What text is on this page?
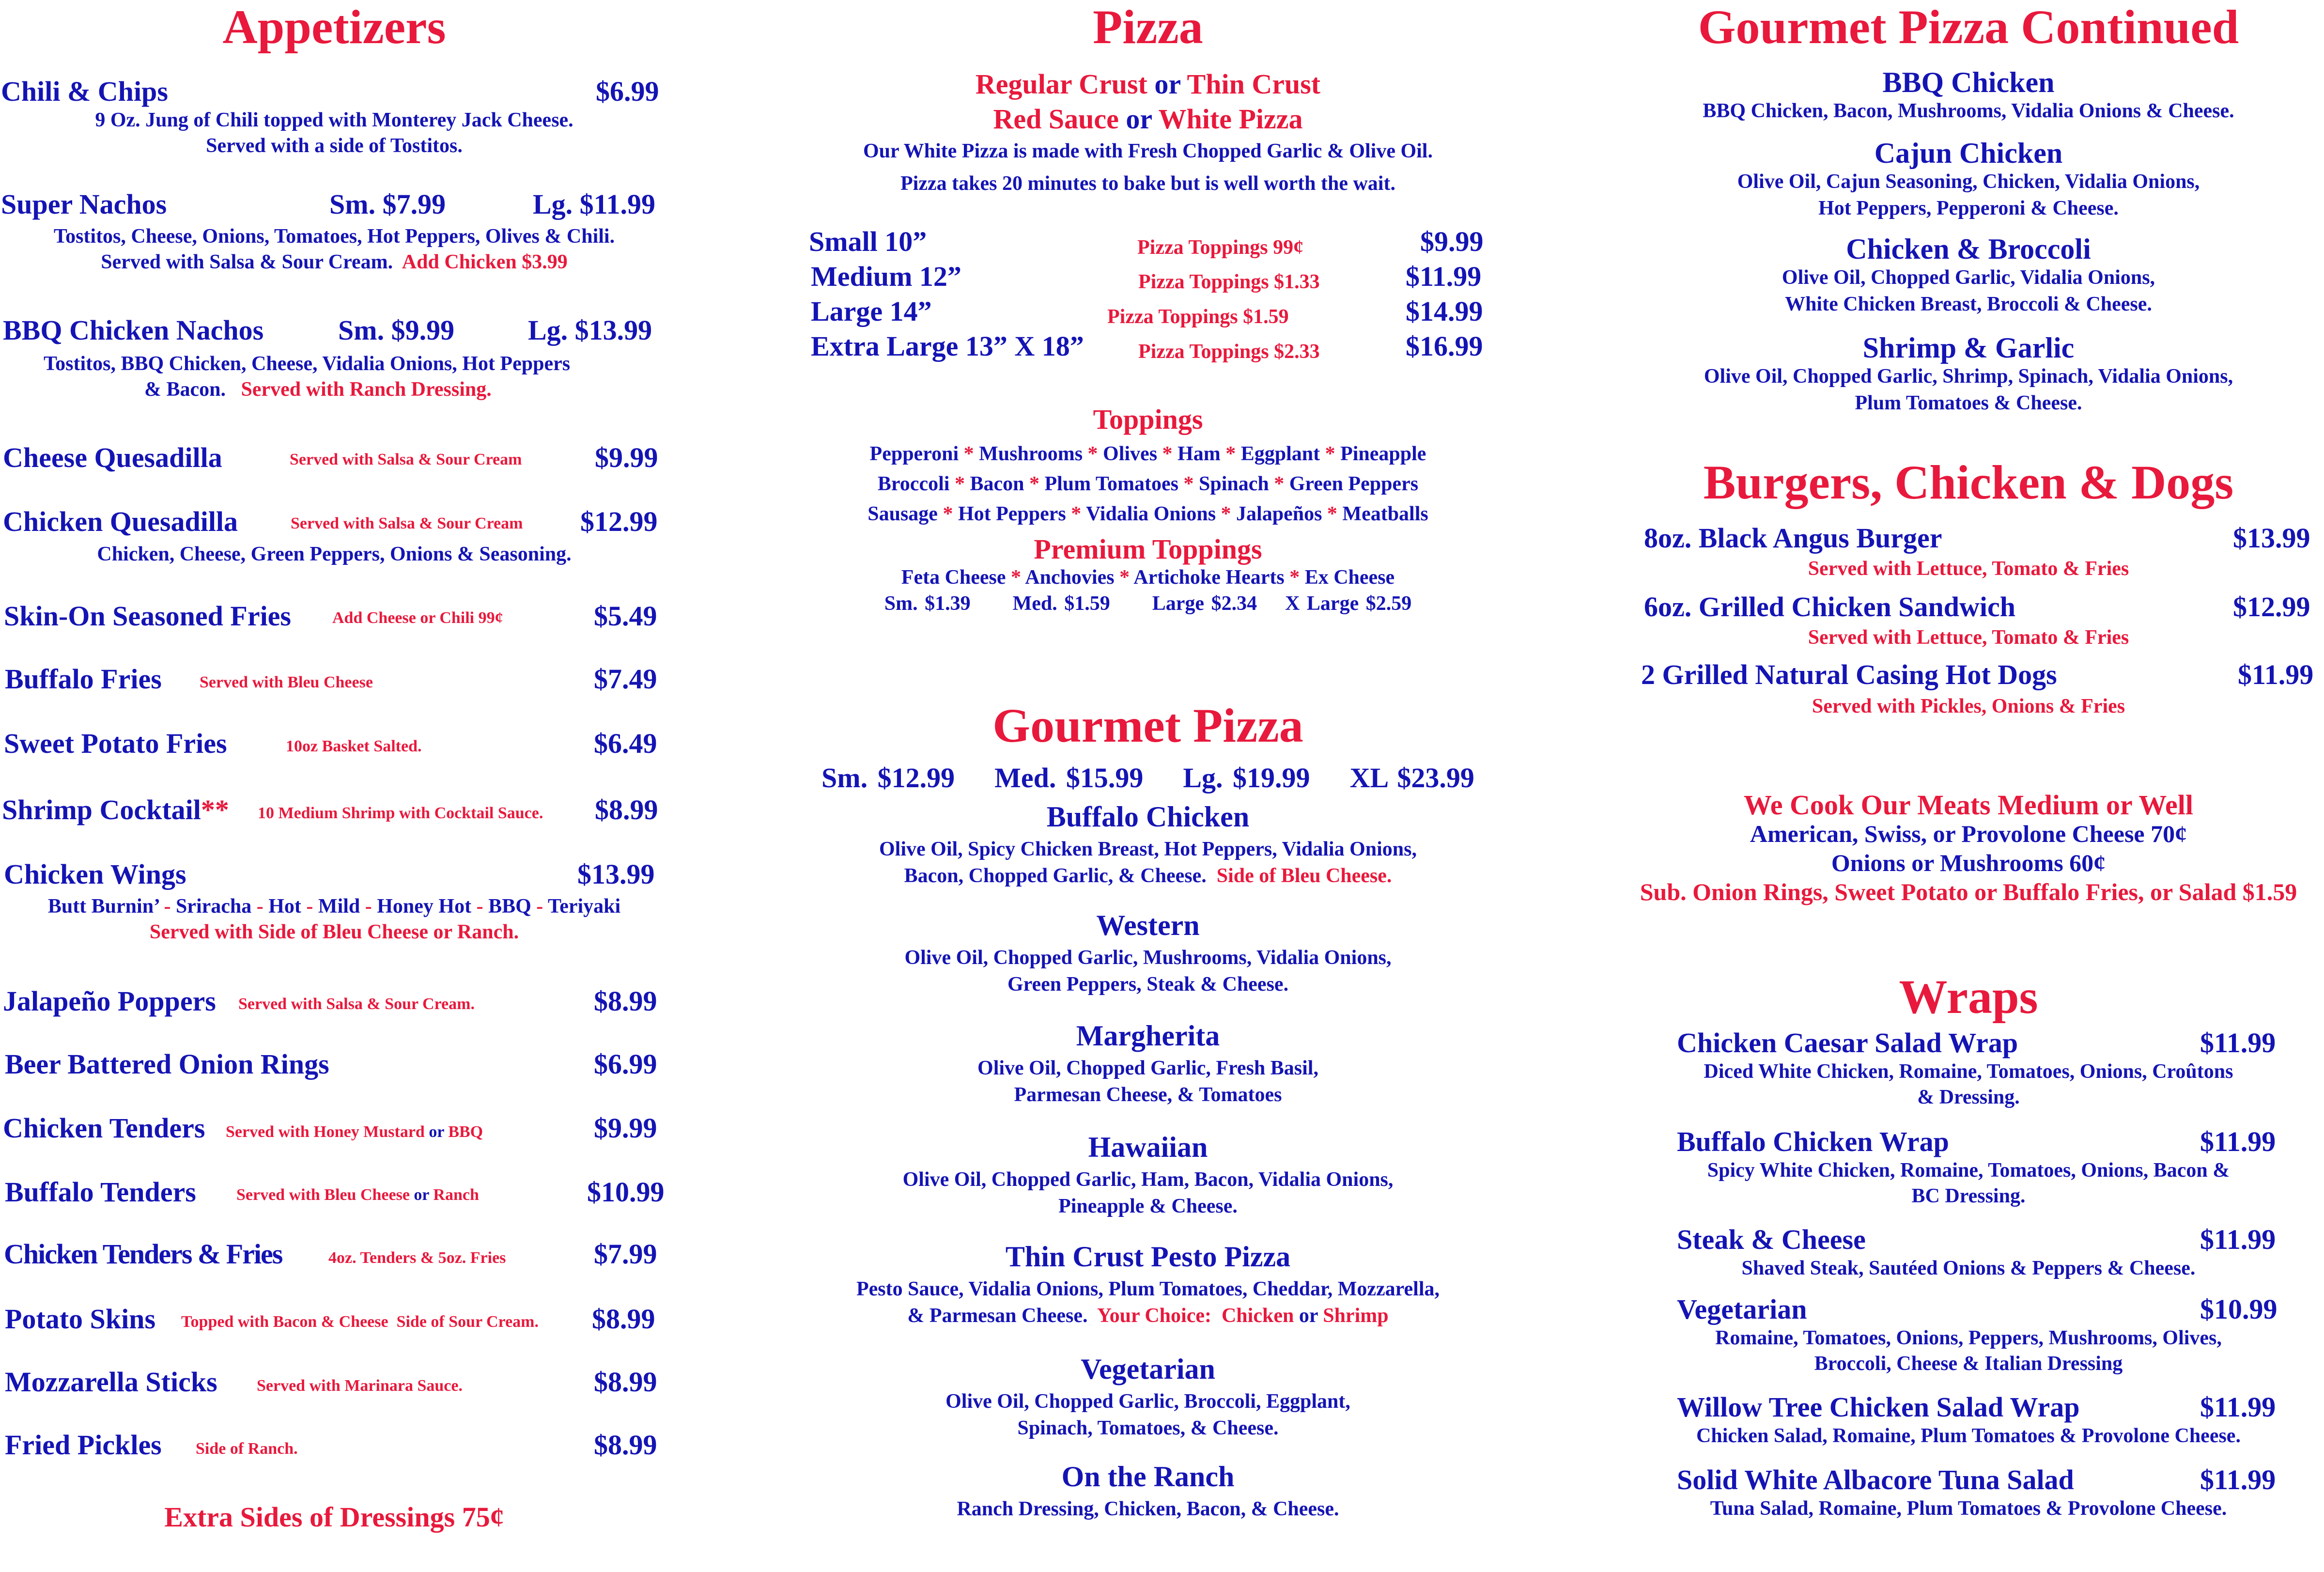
Appetizers
Chili & Chips	$6.99
9 Oz. Jung of Chili topped with Monterey Jack Cheese.
Served with a side of Tostitos.
Super Nachos	Sm. $7.99	Lg. $11.99
Tostitos, Cheese, Onions, Tomatoes, Hot Peppers, Olives & Chili.
Served with Salsa & Sour Cream. Add Chicken $3.99
BBQ Chicken Nachos	Sm. $9.99	Lg. $13.99
Tostitos, BBQ Chicken, Cheese, Vidalia Onions, Hot Peppers
& Bacon. Served with Ranch Dressing.
Cheese Quesadilla	Served with Salsa & Sour Cream	$9.99
Chicken Quesadilla	Served with Salsa & Sour Cream $12.99
Chicken, Cheese, Green Peppers, Onions & Seasoning.
Skin-On Seasoned Fries	Add Cheese or Chili 99¢	$5.49
Buffalo Fries Served with Bleu Cheese	$7.49
Sweet Potato Fries	10oz Basket Salted.	$6.49
Shrimp Cocktail** 10 Medium Shrimp with Cocktail Sauce. $8.99
Chicken Wings	$13.99
Butt Burnin’ - Sriracha - Hot - Mild - Honey Hot - BBQ - Teriyaki
Served with Side of Bleu Cheese or Ranch.
Jalapeño Poppers Served with Salsa & Sour Cream.	$8.99
Beer Battered Onion Rings	$6.99
Chicken Tenders Served with Honey Mustard or BBQ	$9.99
Buffalo Tenders Served with Bleu Cheese or Ranch	$10.99
Chicken Tenders & Fries	4oz. Tenders & 5oz. Fries	$7.99
Potato Skins Topped with Bacon & Cheese Side of Sour Cream. $8.99
Mozzarella Sticks Served with Marinara Sauce.	$8.99
Fried Pickles Side of Ranch.	$8.99
Extra Sides of Dressings 75¢
Pizza
Regular Crust or Thin Crust
Red Sauce or White Pizza
Our White Pizza is made with Fresh Chopped Garlic & Olive Oil.
Pizza takes 20 minutes to bake but is well worth the wait.
Small 10”	Pizza Toppings 99¢	$9.99
Medium 12”	Pizza Toppings $1.33	$11.99
Large 14”	Pizza Toppings $1.59	$14.99
Extra Large 13” X 18”	Pizza Toppings $2.33	$16.99
Toppings
Pepperoni * Mushrooms * Olives * Ham * Eggplant * Pineapple
Broccoli * Bacon * Plum Tomatoes * Spinach * Green Peppers
Sausage * Hot Peppers * Vidalia Onions * Jalapeños * Meatballs
Premium Toppings
Feta Cheese * Anchovies * Artichoke Hearts * Ex Cheese
Sm. $1.39 Med. $1.59 Large $2.34 X Large $2.59
Gourmet Pizza
Sm. $12.99 Med. $15.99 Lg. $19.99 XL $23.99
Buffalo Chicken
Olive Oil, Spicy Chicken Breast, Hot Peppers, Vidalia Onions,
Bacon, Chopped Garlic, & Cheese. Side of Bleu Cheese.
Western
Olive Oil, Chopped Garlic, Mushrooms, Vidalia Onions,
Green Peppers, Steak & Cheese.
Margherita
Olive Oil, Chopped Garlic, Fresh Basil,
Parmesan Cheese, & Tomatoes
Hawaiian
Olive Oil, Chopped Garlic, Ham, Bacon, Vidalia Onions,
Pineapple & Cheese.
Thin Crust Pesto Pizza
Pesto Sauce, Vidalia Onions, Plum Tomatoes, Cheddar, Mozzarella,
& Parmesan Cheese. Your Choice: Chicken or Shrimp
Vegetarian
Olive Oil, Chopped Garlic, Broccoli, Eggplant,
Spinach, Tomatoes, & Cheese.
On the Ranch
Ranch Dressing, Chicken, Bacon, & Cheese.
Gourmet Pizza Continued
BBQ Chicken
BBQ Chicken, Bacon, Mushrooms, Vidalia Onions & Cheese.
Cajun Chicken
Olive Oil, Cajun Seasoning, Chicken, Vidalia Onions,
Hot Peppers, Pepperoni & Cheese.
Chicken & Broccoli
Olive Oil, Chopped Garlic, Vidalia Onions,
White Chicken Breast, Broccoli & Cheese.
Shrimp & Garlic
Olive Oil, Chopped Garlic, Shrimp, Spinach, Vidalia Onions,
Plum Tomatoes & Cheese.
Burgers, Chicken & Dogs
8oz. Black Angus Burger	$13.99
Served with Lettuce, Tomato & Fries
6oz. Grilled Chicken Sandwich	$12.99
Served with Lettuce, Tomato & Fries
2 Grilled Natural Casing Hot Dogs	$11.99
Served with Pickles, Onions & Fries
We Cook Our Meats Medium or Well
American, Swiss, or Provolone Cheese 70¢
Onions or Mushrooms 60¢
Sub. Onion Rings, Sweet Potato or Buffalo Fries, or Salad $1.59
Wraps
Chicken Caesar Salad Wrap	$11.99
Diced White Chicken, Romaine, Tomatoes, Onions, Croûtons
& Dressing.
Buffalo Chicken Wrap	$11.99
Spicy White Chicken, Romaine, Tomatoes, Onions, Bacon &
BC Dressing.
Steak & Cheese	$11.99
Shaved Steak, Sautéed Onions & Peppers & Cheese.
Vegetarian	$10.99
Romaine, Tomatoes, Onions, Peppers, Mushrooms, Olives,
Broccoli, Cheese & Italian Dressing
Willow Tree Chicken Salad Wrap	$11.99
Chicken Salad, Romaine, Plum Tomatoes & Provolone Cheese.
Solid White Albacore Tuna Salad	$11.99
Tuna Salad, Romaine, Plum Tomatoes & Provolone Cheese.
